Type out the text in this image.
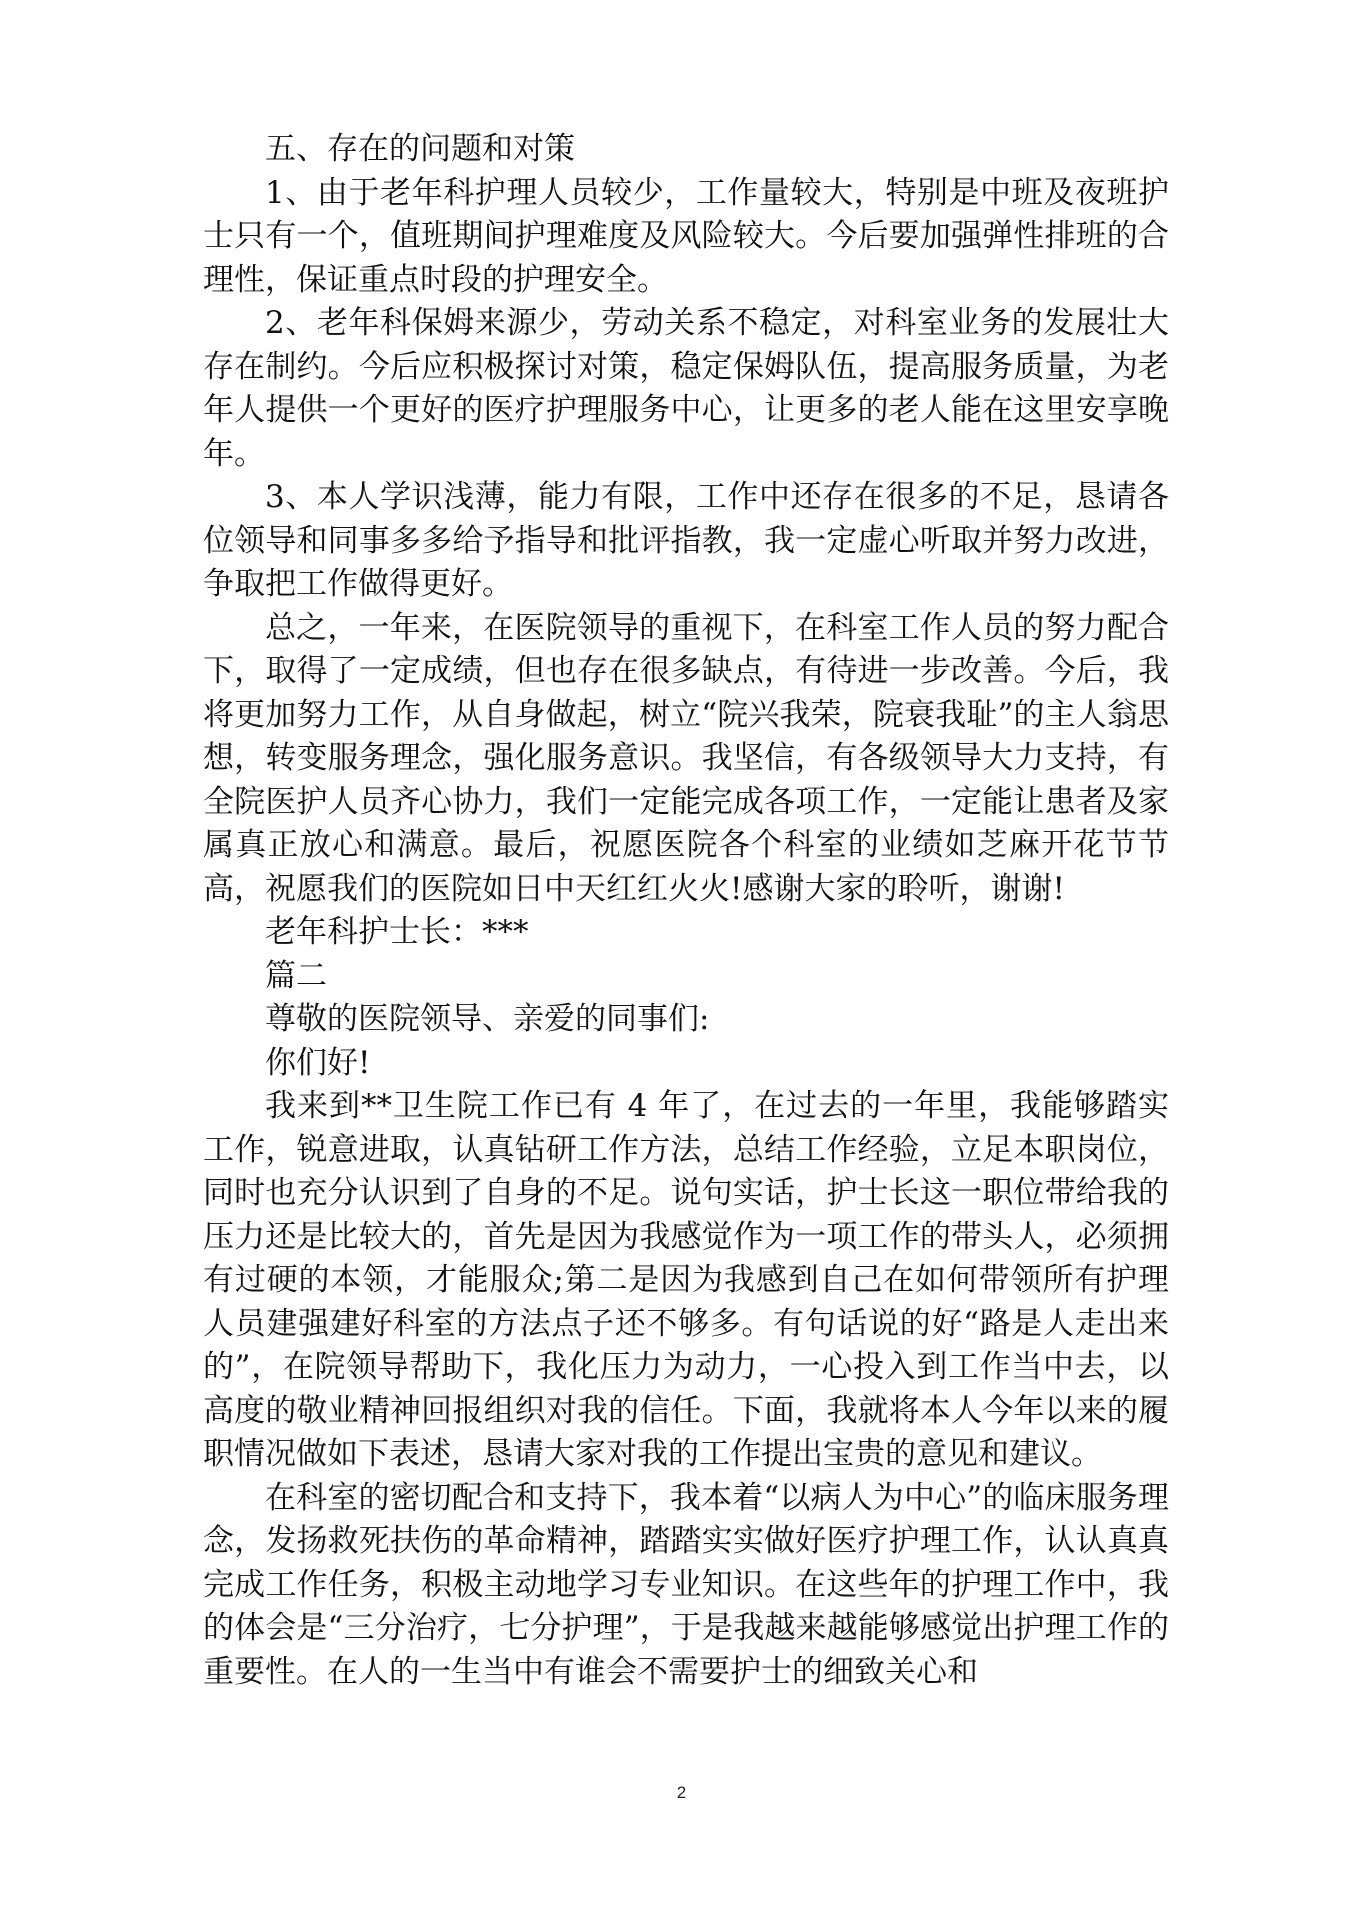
五、存在的问题和对策

1、由于老年科护理人员较少，工作量较大，特别是中班及夜班护士只有一个，值班期间护理难度及风险较大。今后要加强弹性排班的合理性，保证重点时段的护理安全。

2、老年科保姆来源少，劳动关系不稳定，对科室业务的发展壮大存在制约。今后应积极探讨对策，稳定保姆队伍，提高服务质量，为老年人提供一个更好的医疗护理服务中心，让更多的老人能在这里安享晚年。

3、本人学识浅薄，能力有限，工作中还存在很多的不足，恳请各位领导和同事多多给予指导和批评指教，我一定虚心听取并努力改进，争取把工作做得更好。

总之，一年来，在医院领导的重视下，在科室工作人员的努力配合下，取得了一定成绩，但也存在很多缺点，有待进一步改善。今后，我将更加努力工作，从自身做起，树立“院兴我荣，院衰我耻”的主人翁思想，转变服务理念，强化服务意识。我坚信，有各级领导大力支持，有全院医护人员齐心协力，我们一定能完成各项工作，一定能让患者及家属真正放心和满意。最后，祝愿医院各个科室的业绩如芝麻开花节节高，祝愿我们的医院如日中天红红火火!感谢大家的聆听，谢谢!

老年科护士长：***

篇二

尊敬的医院领导、亲爱的同事们:

你们好!

我来到**卫生院工作已有 4 年了，在过去的一年里，我能够踏实工作，锐意进取，认真钻研工作方法，总结工作经验，立足本职岗位，同时也充分认识到了自身的不足。说句实话，护士长这一职位带给我的压力还是比较大的，首先是因为我感觉作为一项工作的带头人，必须拥有过硬的本领，才能服众;第二是因为我感到自己在如何带领所有护理人员建强建好科室的方法点子还不够多。有句话说的好“路是人走出来的”，在院领导帮助下，我化压力为动力，一心投入到工作当中去，以高度的敬业精神回报组织对我的信任。下面，我就将本人今年以来的履职情况做如下表述，恳请大家对我的工作提出宝贵的意见和建议。

在科室的密切配合和支持下，我本着“以病人为中心”的临床服务理念，发扬救死扶伤的革命精神，踏踏实实做好医疗护理工作，认认真真完成工作任务，积极主动地学习专业知识。在这些年的护理工作中，我的体会是“三分治疗，七分护理”，于是我越来越能够感觉出护理工作的重要性。在人的一生当中有谁会不需要护士的细致关心和

2
